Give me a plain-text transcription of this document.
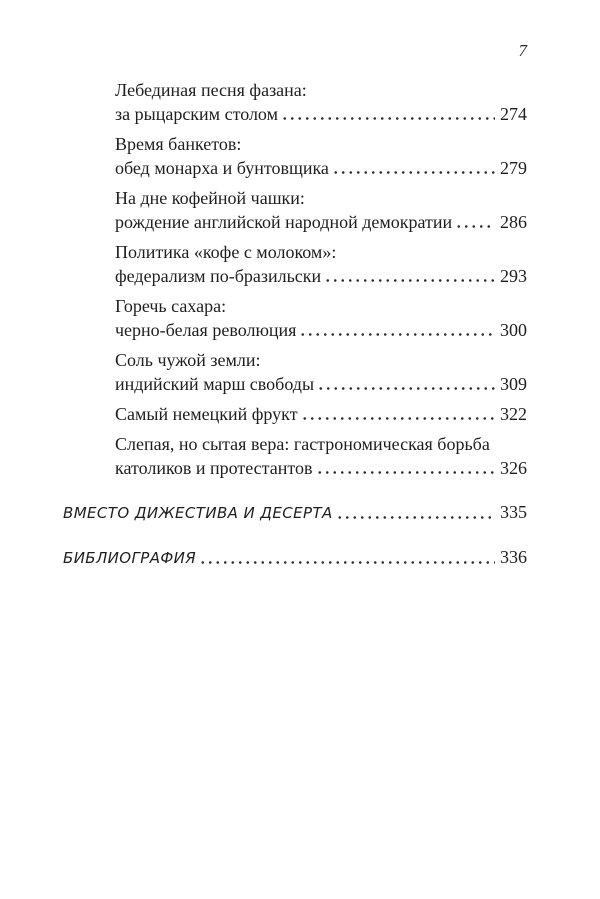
7
Лебединая песня фазана:
за рыцарским столом	274
Время банкетов:
обед монарха и бунтовщика	279
На дне кофейной чашки:
рождение английской народной демократии	286
Политика «кофе с молоком»:
федерализм по-бразильски	293
Горечь сахара:
черно-белая революция	300
Соль чужой земли:
индийский марш свободы	309
Самый немецкий фрукт	322
Слепая, но сытая вера: гастрономическая борьба
католиков и протестантов	326
ВМЕСТО ДИЖЕСТИВА И ДЕСЕРТА	335
БИБЛИОГРАФИЯ	336
